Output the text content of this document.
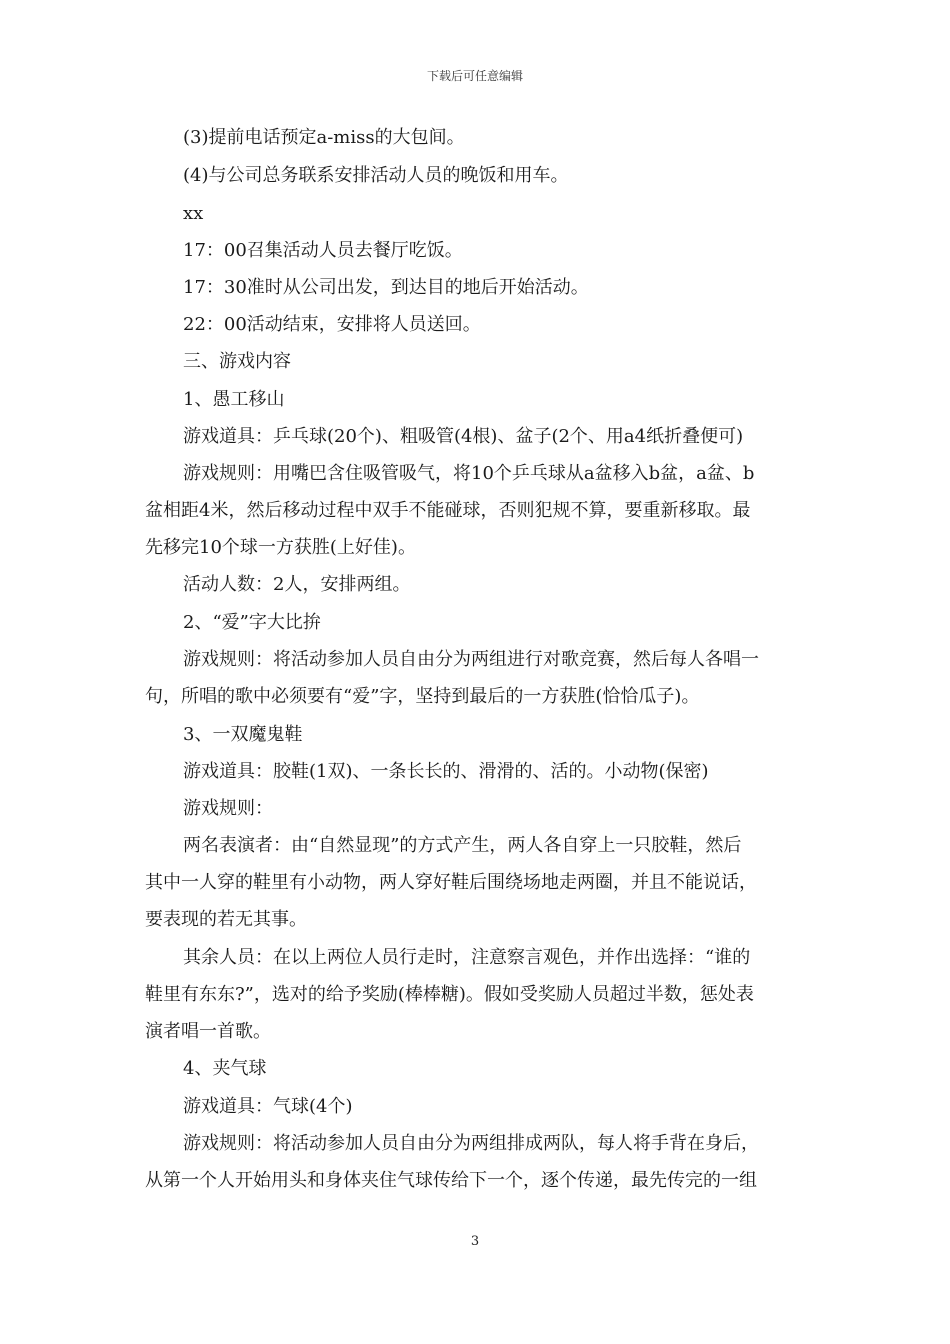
下载后可任意编辑
(3)提前电话预定a-miss的大包间。
(4)与公司总务联系安排活动人员的晚饭和用车。
xx
17：00召集活动人员去餐厅吃饭。
17：30准时从公司出发，到达目的地后开始活动。
22：00活动结束，安排将人员送回。
三、游戏内容
1、愚工移山
游戏道具：乒乓球(20个)、粗吸管(4根)、盆子(2个、用a4纸折叠便可)
游戏规则：用嘴巴含住吸管吸气，将10个乒乓球从a盆移入b盆，a盆、b
盆相距4米，然后移动过程中双手不能碰球，否则犯规不算，要重新移取。最
先移完10个球一方获胜(上好佳)。
活动人数：2人，安排两组。
2、“爱”字大比拚
游戏规则：将活动参加人员自由分为两组进行对歌竞赛，然后每人各唱一
句，所唱的歌中必须要有“爱”字，坚持到最后的一方获胜(恰恰瓜子)。
3、一双魔鬼鞋
游戏道具：胶鞋(1双)、一条长长的、滑滑的、活的。小动物(保密)
游戏规则：
两名表演者：由“自然显现”的方式产生，两人各自穿上一只胶鞋，然后
其中一人穿的鞋里有小动物，两人穿好鞋后围绕场地走两圈，并且不能说话，
要表现的若无其事。
其余人员：在以上两位人员行走时，注意察言观色，并作出选择：“谁的
鞋里有东东?”，选对的给予奖励(棒棒糖)。假如受奖励人员超过半数，惩处表
演者唱一首歌。
4、夹气球
游戏道具：气球(4个)
游戏规则：将活动参加人员自由分为两组排成两队，每人将手背在身后，
从第一个人开始用头和身体夹住气球传给下一个，逐个传递，最先传完的一组
3
